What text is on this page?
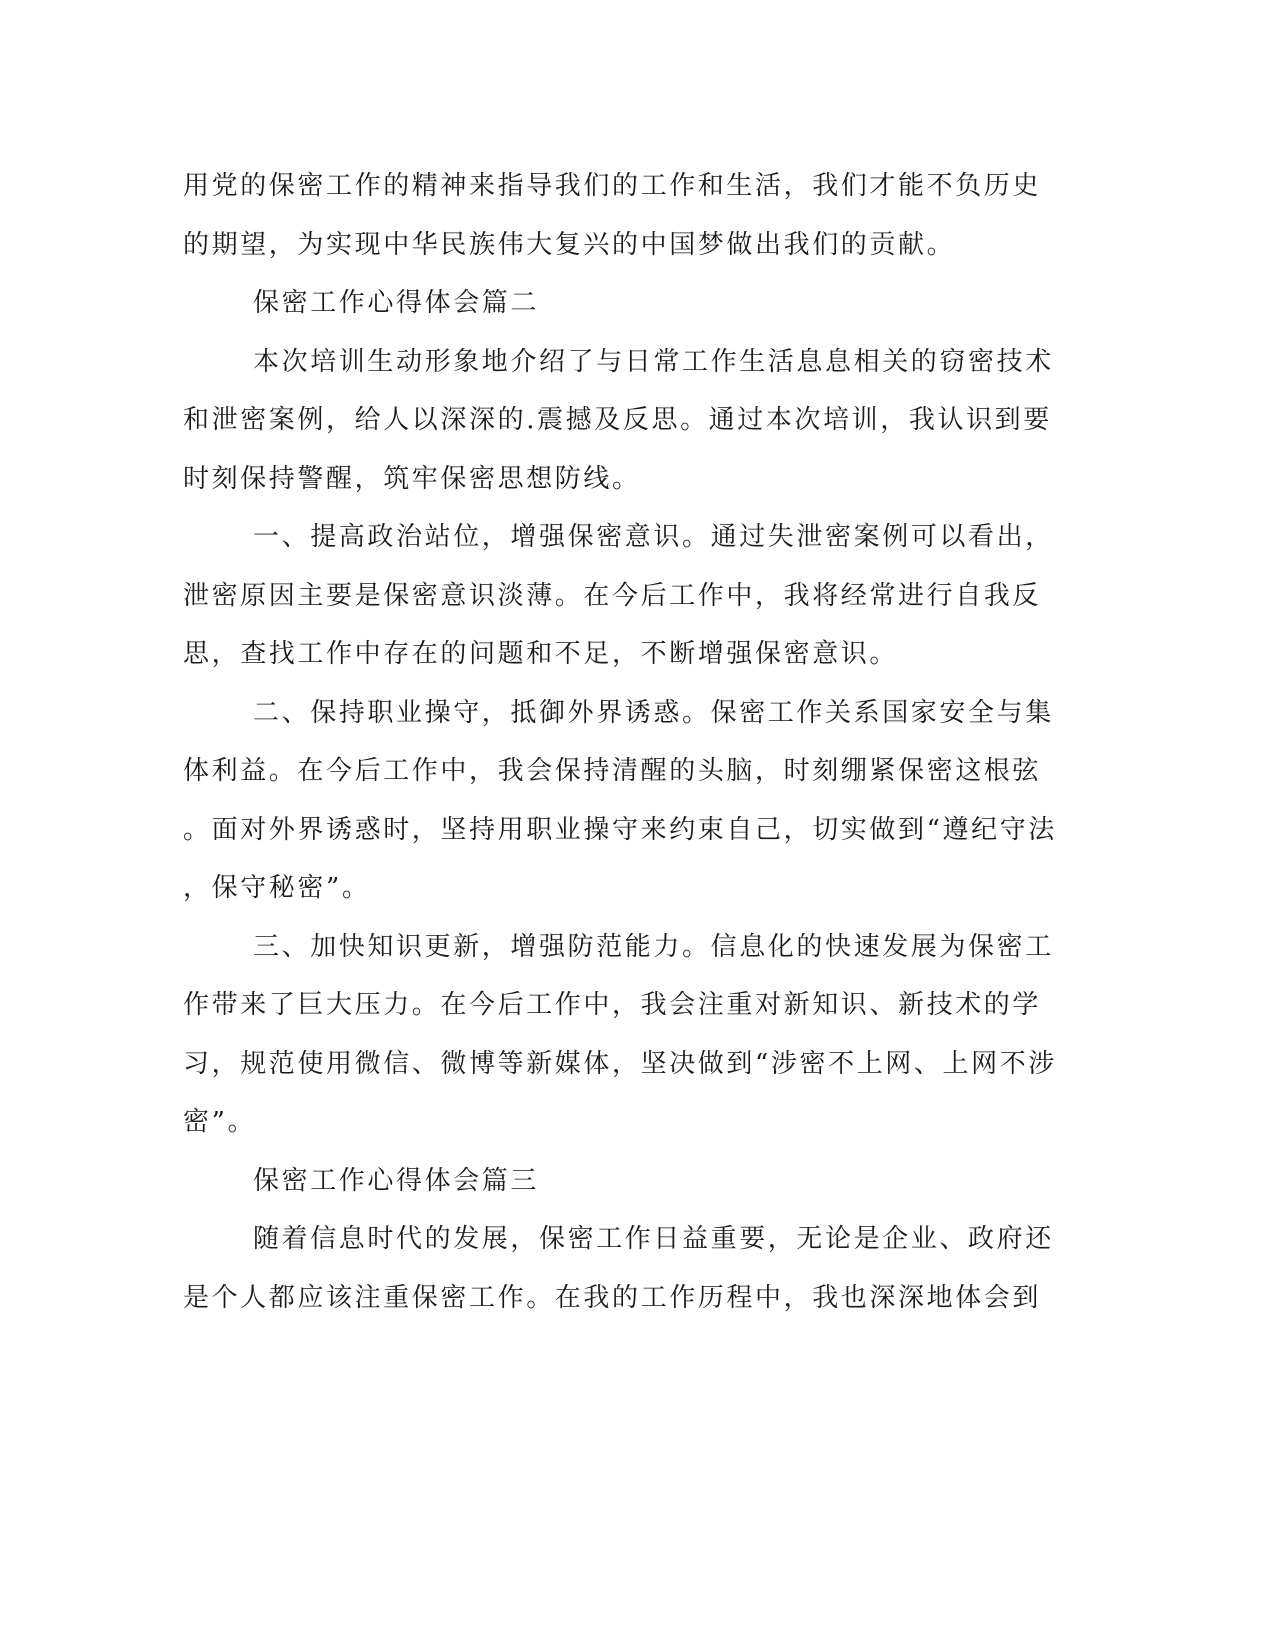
用党的保密工作的精神来指导我们的工作和生活，我们才能不负历史
的期望，为实现中华民族伟大复兴的中国梦做出我们的贡献。
保密工作心得体会篇二
本次培训生动形象地介绍了与日常工作生活息息相关的窃密技术
和泄密案例，给人以深深的.震撼及反思。通过本次培训，我认识到要
时刻保持警醒，筑牢保密思想防线。
一、提高政治站位，增强保密意识。通过失泄密案例可以看出，
泄密原因主要是保密意识淡薄。在今后工作中，我将经常进行自我反
思，查找工作中存在的问题和不足，不断增强保密意识。
二、保持职业操守，抵御外界诱惑。保密工作关系国家安全与集
体利益。在今后工作中，我会保持清醒的头脑，时刻绷紧保密这根弦
。面对外界诱惑时，坚持用职业操守来约束自己，切实做到“遵纪守法
，保守秘密”。
三、加快知识更新，增强防范能力。信息化的快速发展为保密工
作带来了巨大压力。在今后工作中，我会注重对新知识、新技术的学
习，规范使用微信、微博等新媒体，坚决做到“涉密不上网、上网不涉
密”。
保密工作心得体会篇三
随着信息时代的发展，保密工作日益重要，无论是企业、政府还
是个人都应该注重保密工作。在我的工作历程中，我也深深地体会到
